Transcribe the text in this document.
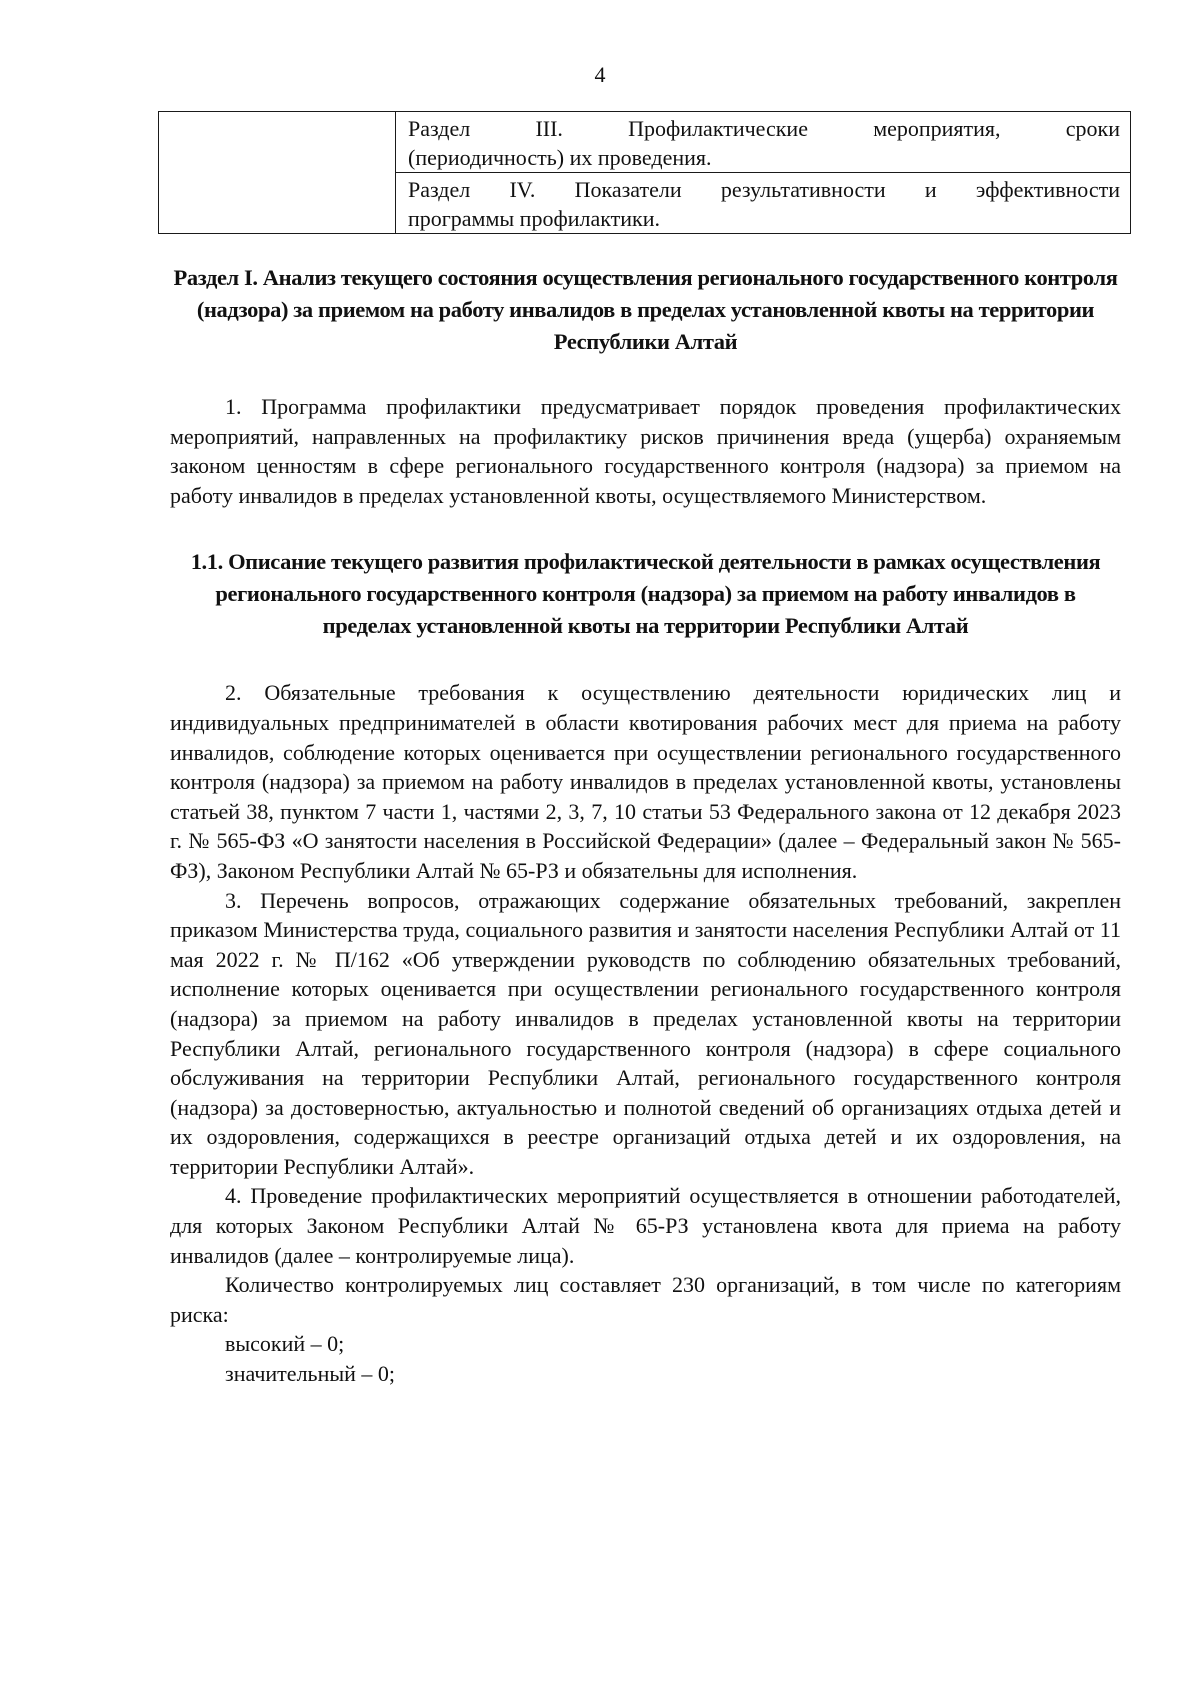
4

Раздел III. Профилактические мероприятия, сроки
(периодичность) их проведения.

Раздел IV. Показатели результативности и эффективности
программы профилактики.
Раздел I. Анализ текущего состояния осуществления регионального государственного контроля (надзора) за приемом на работу инвалидов в пределах установленной квоты на территории Республики Алтай

1. Программа профилактики предусматривает порядок проведения профилактических мероприятий, направленных на профилактику рисков причинения вреда (ущерба) охраняемым законом ценностям в сфере регионального государственного контроля (надзора) за приемом на работу инвалидов в пределах установленной квоты, осуществляемого Министерством.

1.1. Описание текущего развития профилактической деятельности в рамках осуществления регионального государственного контроля (надзора) за приемом на работу инвалидов в пределах установленной квоты на территории Республики Алтай

2. Обязательные требования к осуществлению деятельности юридических лиц и индивидуальных предпринимателей в области квотирования рабочих мест для приема на работу инвалидов, соблюдение которых оценивается при осуществлении регионального государственного контроля (надзора) за приемом на работу инвалидов в пределах установленной квоты, установлены статьей 38, пунктом 7 части 1, частями 2, 3, 7, 10 статьи 53 Федерального закона от 12 декабря 2023 г. № 565-ФЗ «О занятости населения в Российской Федерации» (далее – Федеральный закон № 565-ФЗ), Законом Республики Алтай № 65-РЗ и обязательны для исполнения.

3. Перечень вопросов, отражающих содержание обязательных требований, закреплен приказом Министерства труда, социального развития и занятости населения Республики Алтай от 11 мая 2022 г. № П/162 «Об утверждении руководств по соблюдению обязательных требований, исполнение которых оценивается при осуществлении регионального государственного контроля (надзора) за приемом на работу инвалидов в пределах установленной квоты на территории Республики Алтай, регионального государственного контроля (надзора) в сфере социального обслуживания на территории Республики Алтай, регионального государственного контроля (надзора) за достоверностью, актуальностью и полнотой сведений об организациях отдыха детей и их оздоровления, содержащихся в реестре организаций отдыха детей и их оздоровления, на территории Республики Алтай».

4. Проведение профилактических мероприятий осуществляется в отношении работодателей, для которых Законом Республики Алтай № 65-РЗ установлена квота для приема на работу инвалидов (далее – контролируемые лица).

Количество контролируемых лиц составляет 230 организаций, в том числе по категориям риска:

высокий – 0;

значительный – 0;
